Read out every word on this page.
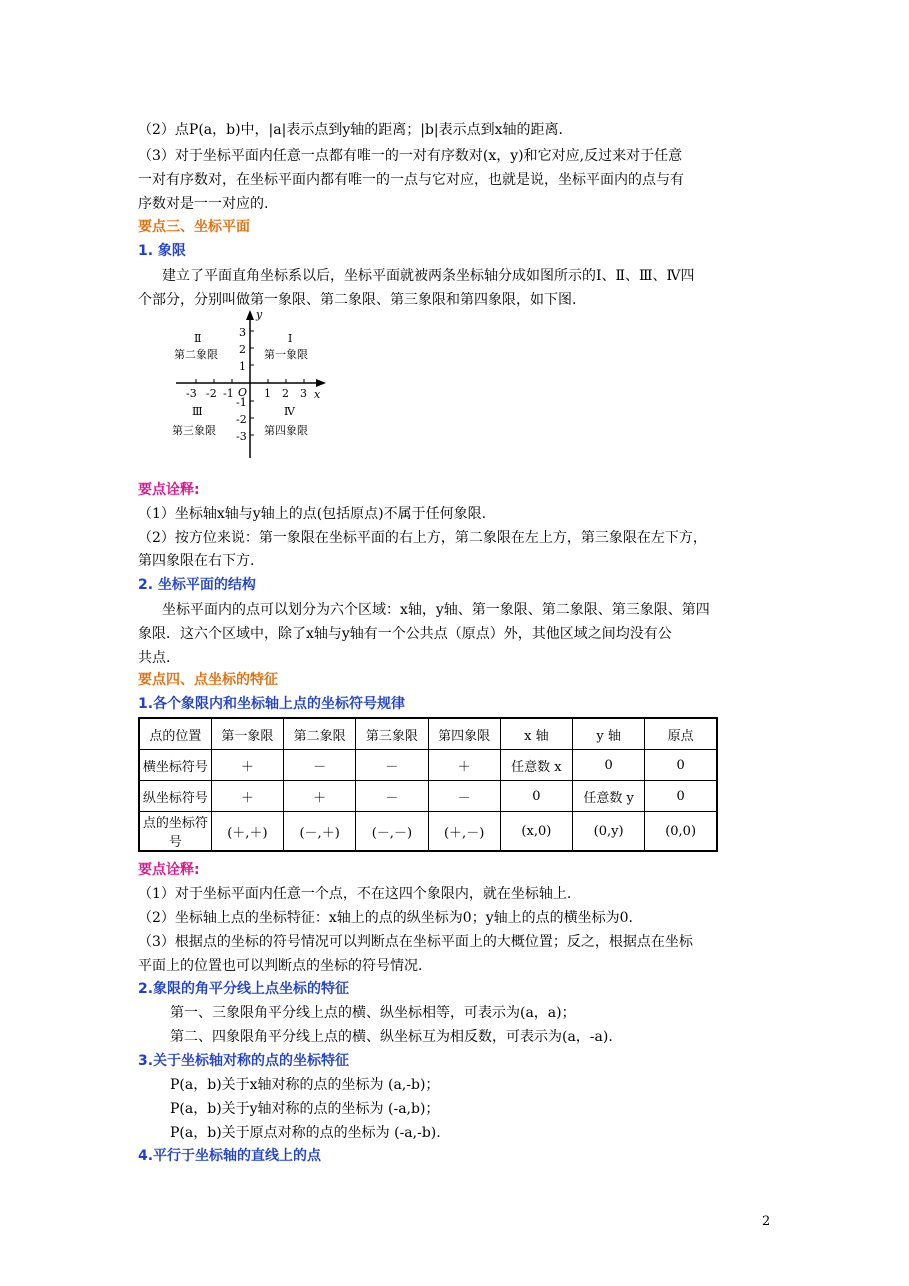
（2）点P(a，b)中，|a|表示点到y轴的距离；|b|表示点到x轴的距离.
（3）对于坐标平面内任意一点都有唯一的一对有序数对(x，y)和它对应,反过来对于任意
一对有序数对，在坐标平面内都有唯一的一点与它对应，也就是说，坐标平面内的点与有
序数对是一一对应的.
要点三、坐标平面
1. 象限
建立了平面直角坐标系以后，坐标平面就被两条坐标轴分成如图所示的Ⅰ、Ⅱ、Ⅲ、Ⅳ四
个部分，分别叫做第一象限、第二象限、第三象限和第四象限，如下图.
y
x
O
3
2
1
-1
-2
-3
-3 -2 -1	1 2 3
Ⅱ
第二象限
Ⅰ
第一象限
Ⅲ
第三象限
Ⅳ
第四象限
要点诠释:
（1）坐标轴x轴与y轴上的点(包括原点)不属于任何象限.
（2）按方位来说：第一象限在坐标平面的右上方，第二象限在左上方，第三象限在左下方，
第四象限在右下方.
2. 坐标平面的结构
坐标平面内的点可以划分为六个区域：x轴，y轴、第一象限、第二象限、第三象限、第四
象限．这六个区域中，除了x轴与y轴有一个公共点（原点）外，其他区域之间均没有公
共点.
要点四、点坐标的特征
1.各个象限内和坐标轴上点的坐标符号规律
点的位置	第一象限	第二象限	第三象限	第四象限	x 轴	y 轴	原点
横坐标符号	＋	－	－	＋	任意数 x	0	0
纵坐标符号	＋	＋	－	－	0	任意数 y	0
点的坐标符号	(＋,＋)	(－,＋)	(－,－)	(＋,－)	(x,0)	(0,y)	(0,0)
要点诠释:
（1）对于坐标平面内任意一个点，不在这四个象限内，就在坐标轴上.
（2）坐标轴上点的坐标特征：x轴上的点的纵坐标为0；y轴上的点的横坐标为0.
（3）根据点的坐标的符号情况可以判断点在坐标平面上的大概位置；反之，根据点在坐标
平面上的位置也可以判断点的坐标的符号情况.
2.象限的角平分线上点坐标的特征
第一、三象限角平分线上点的横、纵坐标相等，可表示为(a，a)；
第二、四象限角平分线上点的横、纵坐标互为相反数，可表示为(a，-a).
3.关于坐标轴对称的点的坐标特征
P(a，b)关于x轴对称的点的坐标为 (a,-b)；
P(a，b)关于y轴对称的点的坐标为 (-a,b)；
P(a，b)关于原点对称的点的坐标为 (-a,-b).
4.平行于坐标轴的直线上的点
2
